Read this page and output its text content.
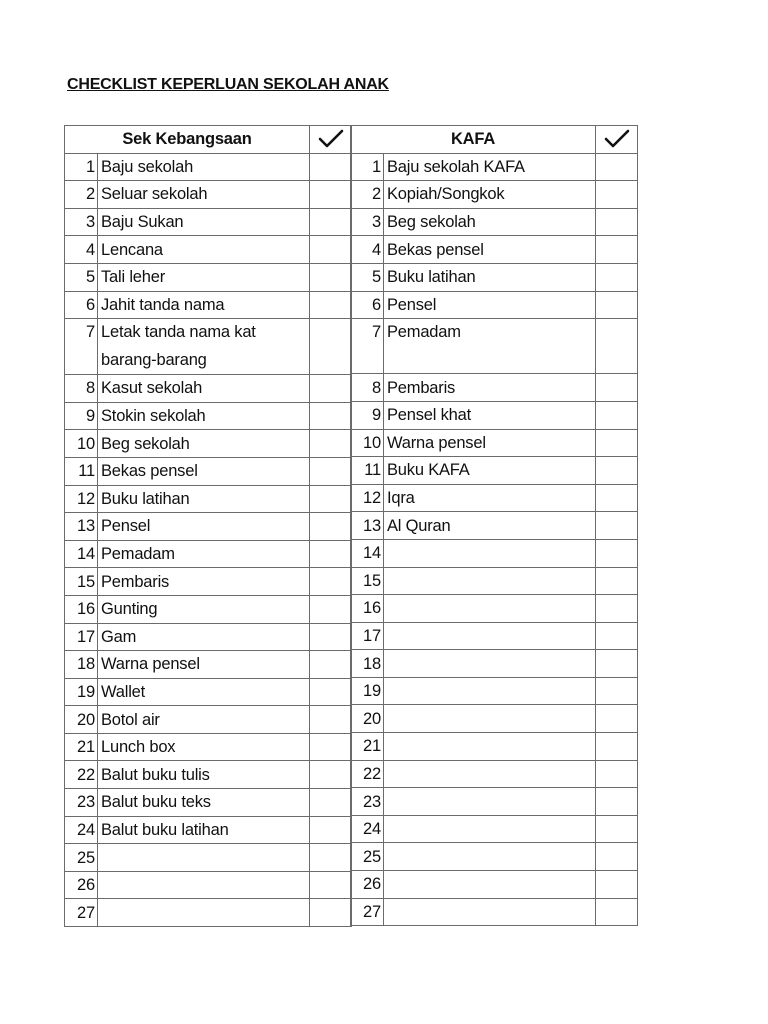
CHECKLIST KEPERLUAN SEKOLAH ANAK
Sek Kebangsaan	

1	Baju sekolah	
2	Seluar sekolah	
3	Baju Sukan	
4	Lencana	
5	Tali leher	
6	Jahit tanda nama	
7	Letak tanda nama kat barang-barang	
8	Kasut sekolah	
9	Stokin sekolah	
10	Beg sekolah	
11	Bekas pensel	
12	Buku latihan	
13	Pensel	
14	Pemadam	
15	Pembaris	
16	Gunting	
17	Gam	
18	Warna pensel	
19	Wallet	
20	Botol air	
21	Lunch box	
22	Balut buku tulis	
23	Balut buku teks	
24	Balut buku latihan	
25		
26		
27		
KAFA	

1	Baju sekolah KAFA	
2	Kopiah/Songkok	
3	Beg sekolah	
4	Bekas pensel	
5	Buku latihan	
6	Pensel	
7	Pemadam	
8	Pembaris	
9	Pensel khat	
10	Warna pensel	
11	Buku KAFA	
12	Iqra	
13	Al Quran	
14		
15		
16		
17		
18		
19		
20		
21		
22		
23		
24		
25		
26		
27		
